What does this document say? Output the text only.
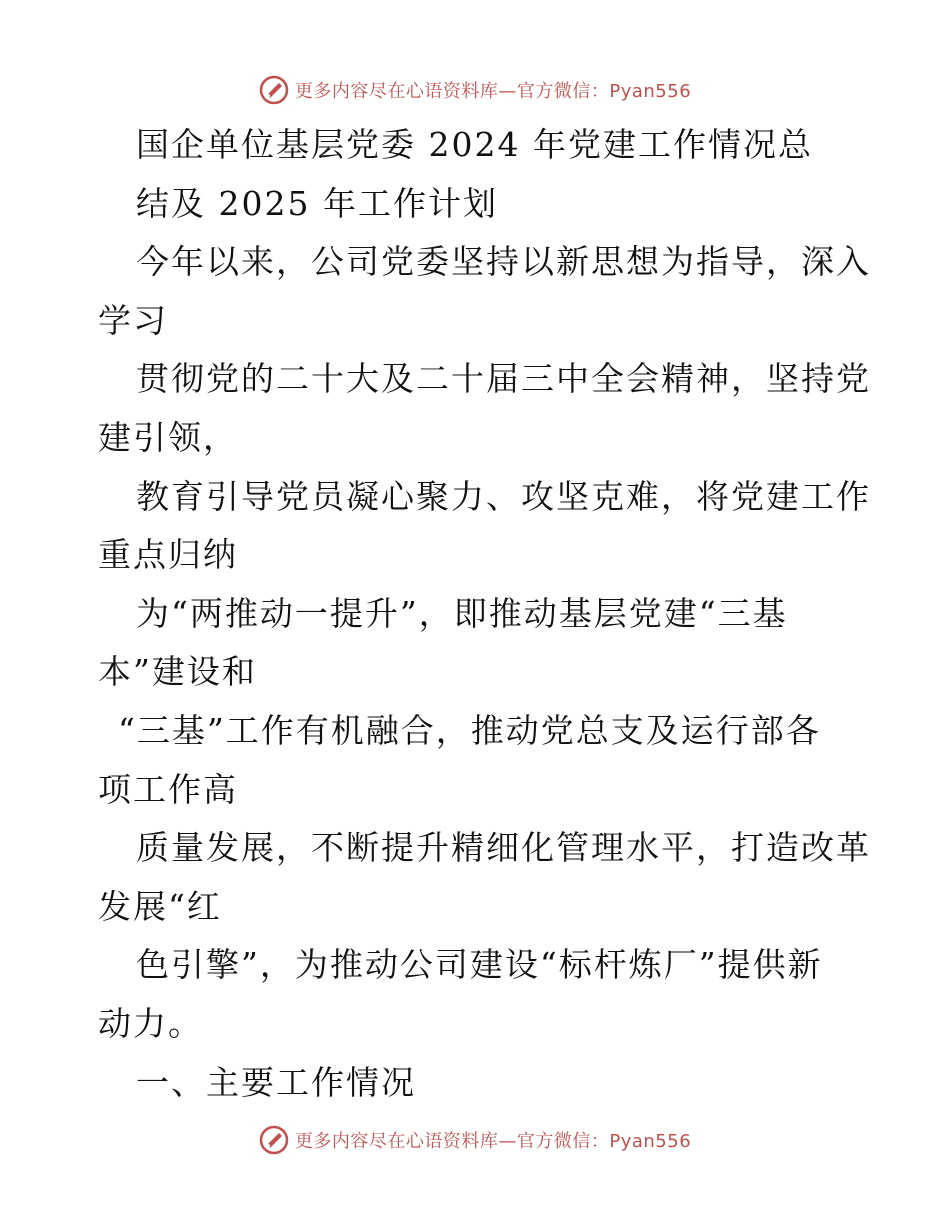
更多内容尽在心语资料库—官方微信：Pyan556
国企单位基层党委 2024 年党建工作情况总
结及 2025 年工作计划
今年以来，公司党委坚持以新思想为指导，深入
学习
贯彻党的二十大及二十届三中全会精神，坚持党
建引领，
教育引导党员凝心聚力、攻坚克难，将党建工作
重点归纳
为“两推动一提升”，即推动基层党建“三基
本”建设和
“三基”工作有机融合，推动党总支及运行部各
项工作高
质量发展，不断提升精细化管理水平，打造改革
发展“红
色引擎”，为推动公司建设“标杆炼厂”提供新
动力。
一、主要工作情况
更多内容尽在心语资料库—官方微信：Pyan556
